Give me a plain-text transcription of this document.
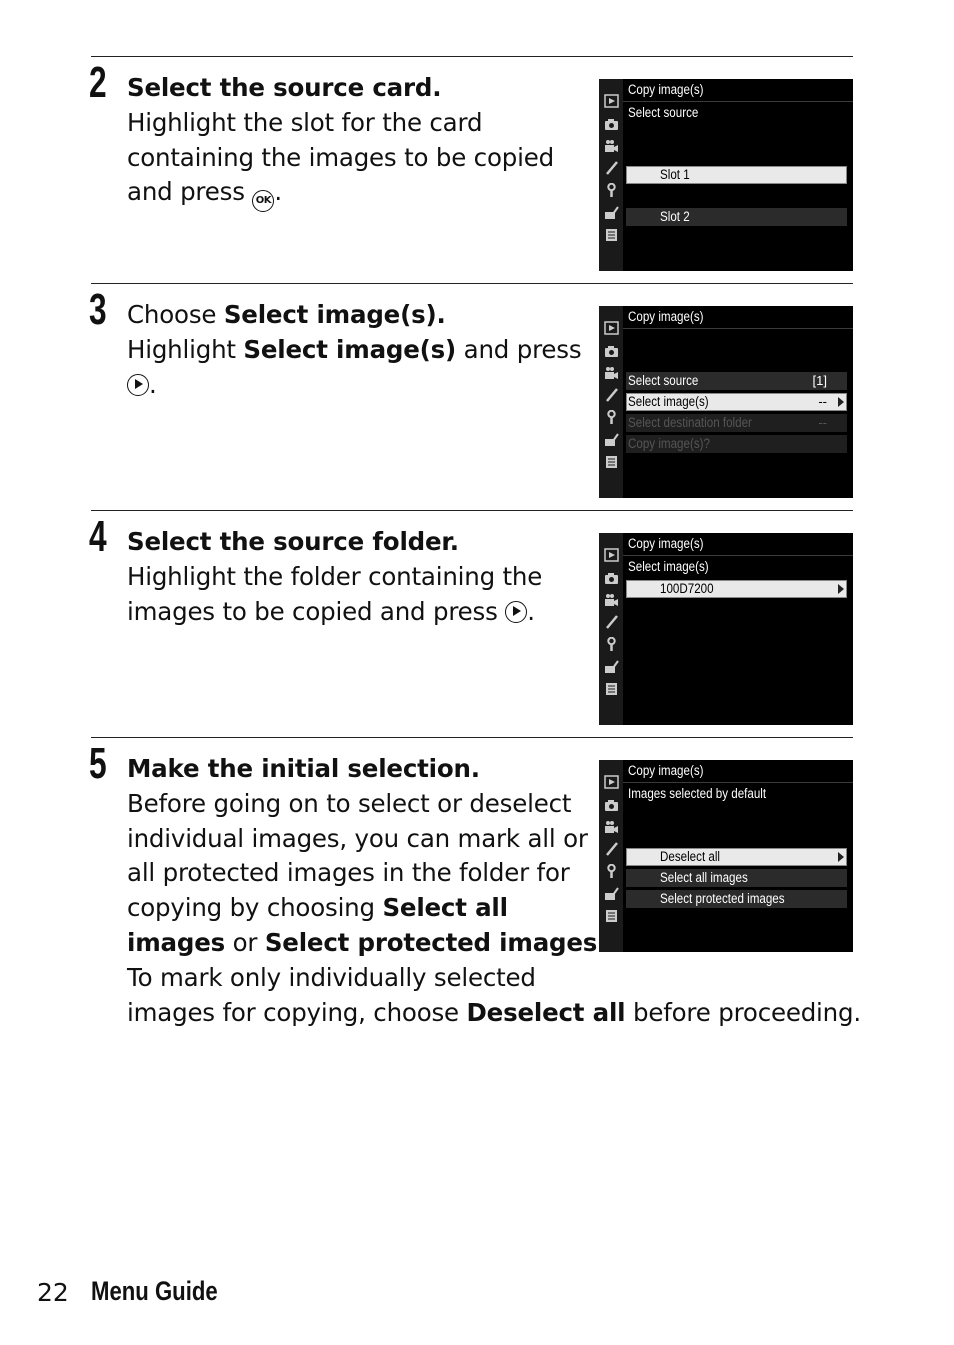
2 Select the source card.
Highlight the slot for the card
containing the images to be copied
and press OK .
3 Choose Select image(s).
Highlight Select image(s) and press
.
4 Select the source folder.
Highlight the folder containing the
images to be copied and press .
5 Make the initial selection.
Before going on to select or deselect
individual images, you can mark all or
all protected images in the folder for
copying by choosing Select all
images or Select protected images
To mark only individually selected
images for copying, choose Deselect all before proceeding.
Copy image(s)
Select source
Slot 1
Slot 2
Copy image(s)
Select source	[1]
Select image(s)	--
Select destination folder	--
Copy image(s)?
Copy image(s)
Select image(s)
100D7200
Copy image(s)
Images selected by default
Deselect all
Select all images
Select protected images
22 Menu Guide
